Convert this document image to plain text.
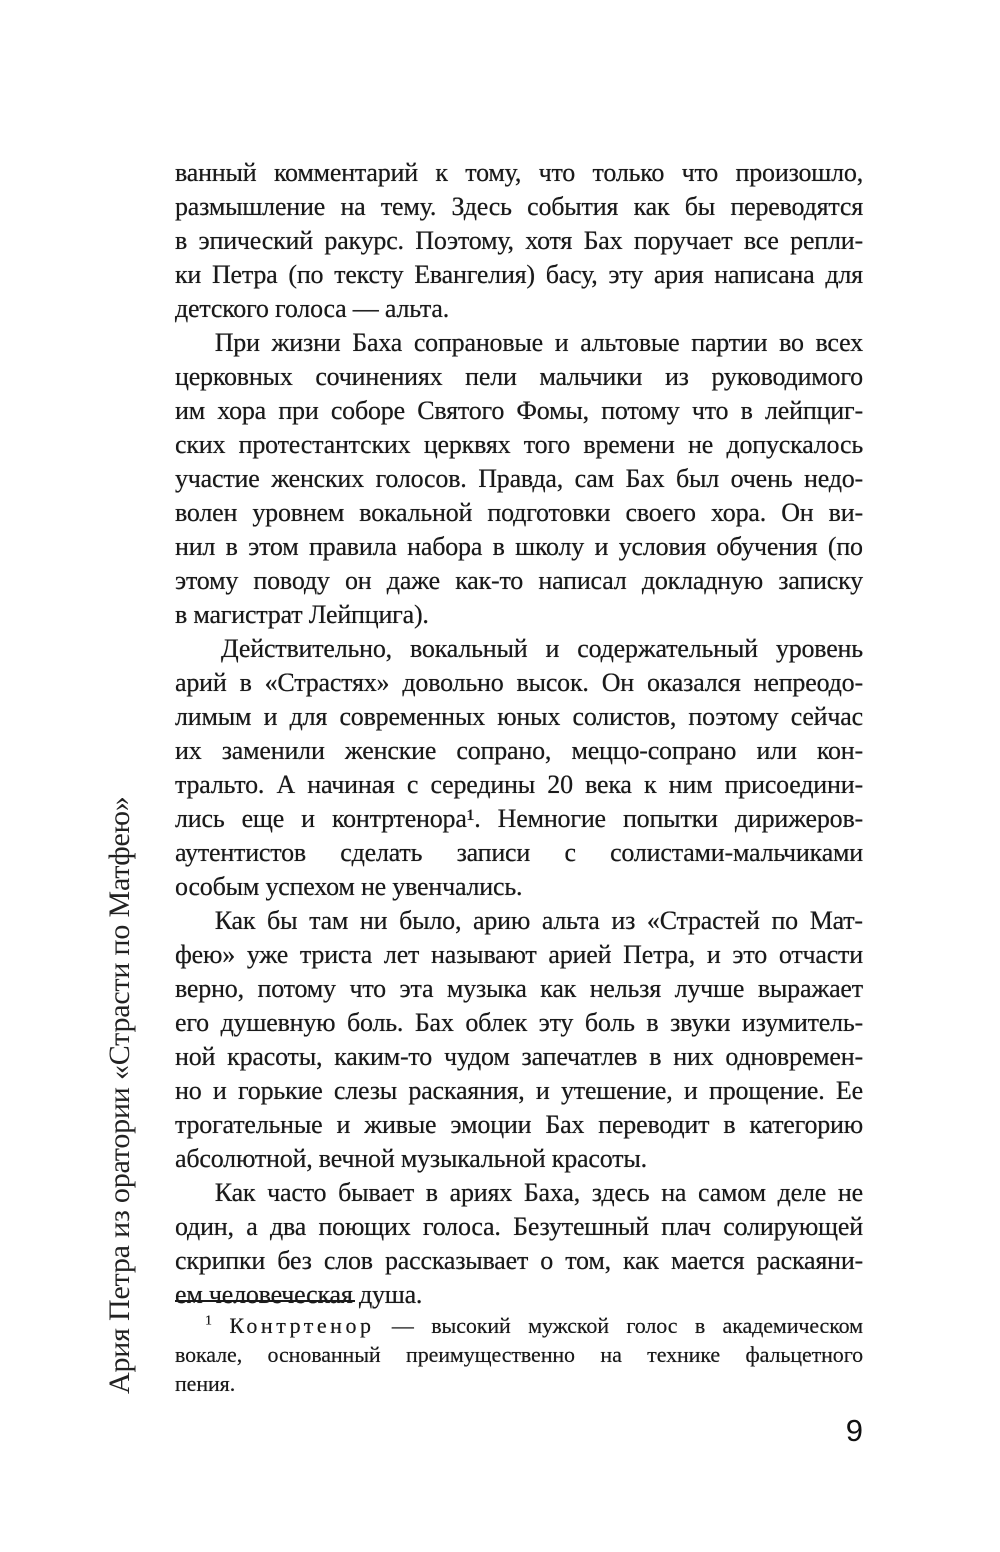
Ария Петра из оратории «Страсти по Матфею»
ванный комментарий к тому, что только что произошло,
размышление на тему. Здесь события как бы переводятся
в эпический ракурс. Поэтому, хотя Бах поручает все репли-
ки Петра (по тексту Евангелия) басу, эту ария написана для
детского голоса — альта.
При жизни Баха сопрановые и альтовые партии во всех
церковных сочинениях пели мальчики из руководимого
им хора при соборе Святого Фомы, потому что в лейпциг-
ских протестантских церквях того времени не допускалось
участие женских голосов. Правда, сам Бах был очень недо-
волен уровнем вокальной подготовки своего хора. Он ви-
нил в этом правила набора в школу и условия обучения (по
этому поводу он даже как-то написал докладную записку
в магистрат Лейпцига).
Действительно, вокальный и содержательный уровень
арий в «Страстях» довольно высок. Он оказался непреодо-
лимым и для современных юных солистов, поэтому сейчас
их заменили женские сопрано, меццо-сопрано или кон-
тральто. А начиная с середины 20 века к ним присоедини-
лись еще и контртенора¹. Немногие попытки дирижеров-
аутентистов сделать записи с солистами-мальчиками
особым успехом не увенчались.
Как бы там ни было, арию альта из «Страстей по Мат-
фею» уже триста лет называют арией Петра, и это отчасти
верно, потому что эта музыка как нельзя лучше выражает
его душевную боль. Бах облек эту боль в звуки изумитель-
ной красоты, каким-то чудом запечатлев в них одновремен-
но и горькие слезы раскаяния, и утешение, и прощение. Ее
трогательные и живые эмоции Бах переводит в категорию
абсолютной, вечной музыкальной красоты.
Как часто бывает в ариях Баха, здесь на самом деле не
один, а два поющих голоса. Безутешный плач солирующей
скрипки без слов рассказывает о том, как мается раскаяни-
ем человеческая душа.
$^1$ Контртенор — высокий мужской голос в академическом
вокале, основанный преимущественно на технике фальцетного
пения.
9
